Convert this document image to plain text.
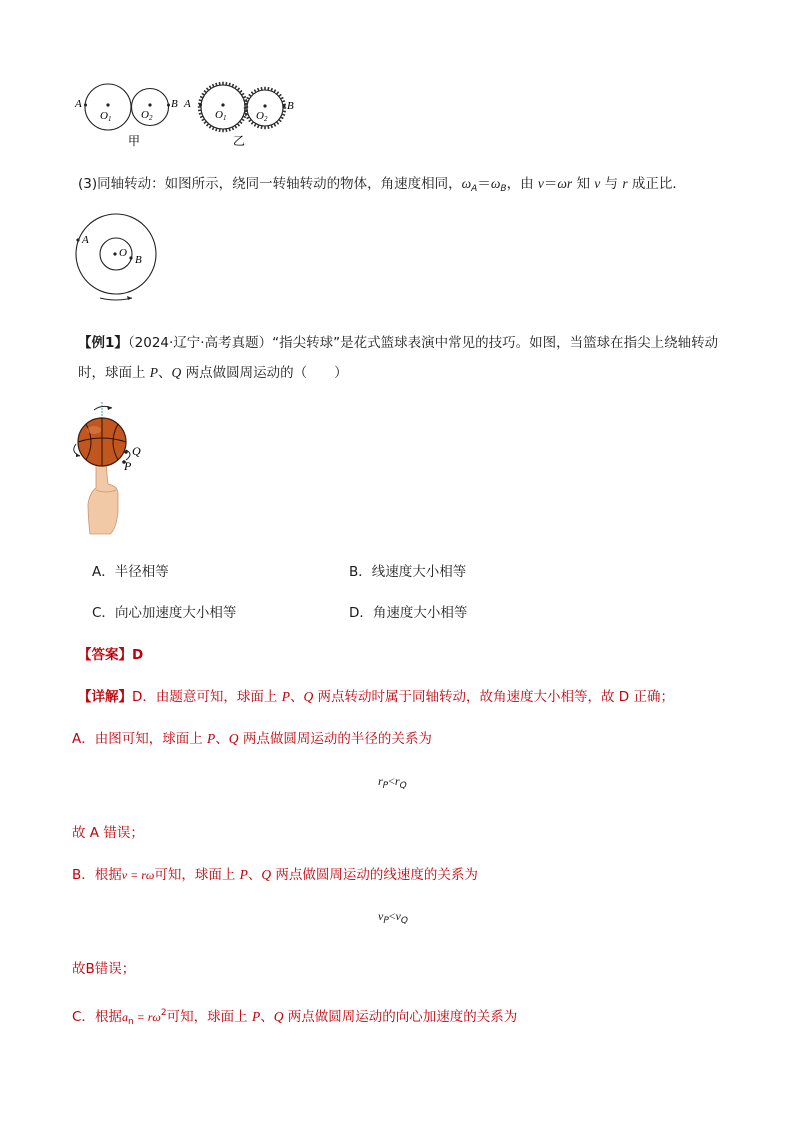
A
O1	O2
B
甲
A
O1	O2
B
乙
(3)同轴转动：如图所示，绕同一转轴转动的物体，角速度相同，$\omega_A=\omega_B$，由 v＝ωr 知 v 与 r 成正比．
A
O
B
【例1】（2024·辽宁·高考真题）“指尖转球”是花式篮球表演中常见的技巧。如图，当篮球在指尖上绕轴转动
时，球面上 P、Q 两点做圆周运动的（　　）
Q
P
A．半径相等	B．线速度大小相等
C．向心加速度大小相等	D．角速度大小相等
【答案】D
【详解】D．由题意可知，球面上 P、Q 两点转动时属于同轴转动，故角速度大小相等，故 D 正确；
A．由图可知，球面上 P、Q 两点做圆周运动的半径的关系为
$r_P<r_Q$
故 A 错误；
B．根据v = rω可知，球面上 P、Q 两点做圆周运动的线速度的关系为
$v_P<v_Q$
故B错误；
C．根据$a_n = r\omega^2$可知，球面上 P、Q 两点做圆周运动的向心加速度的关系为
